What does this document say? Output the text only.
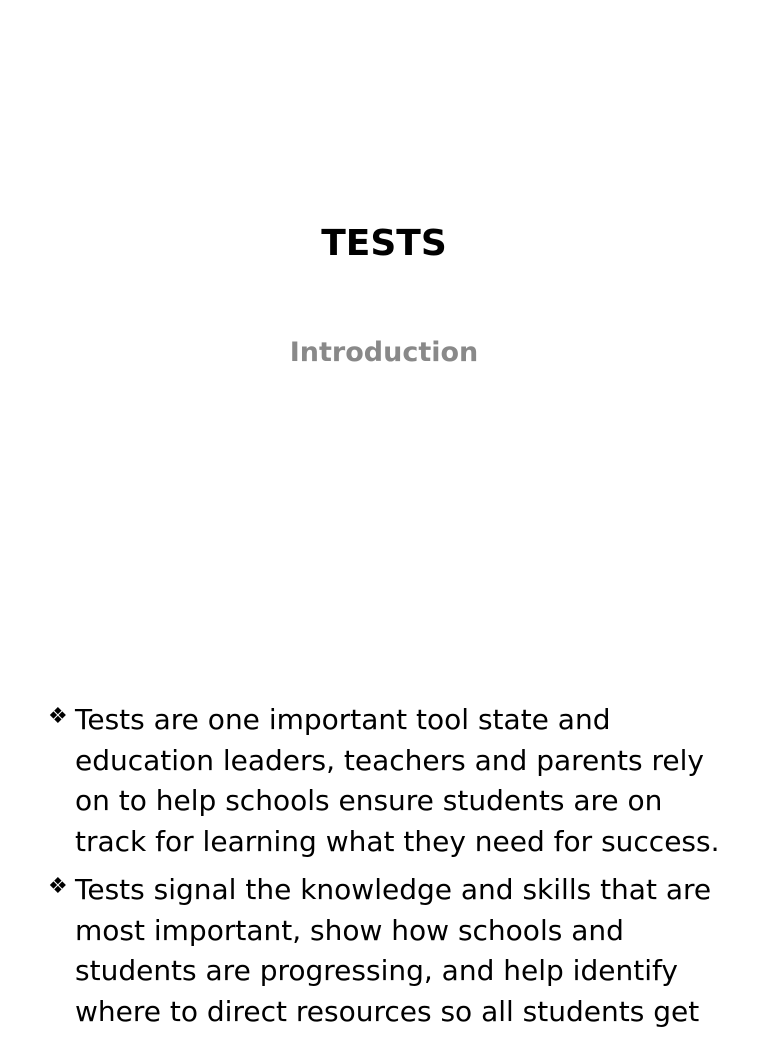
TESTS
Introduction
❖ Tests are one important tool state and education leaders, teachers and parents rely on to help schools ensure students are on track for learning what they need for success.
❖ Tests signal the knowledge and skills that are most important, show how schools and students are progressing, and help identify where to direct resources so all students get
